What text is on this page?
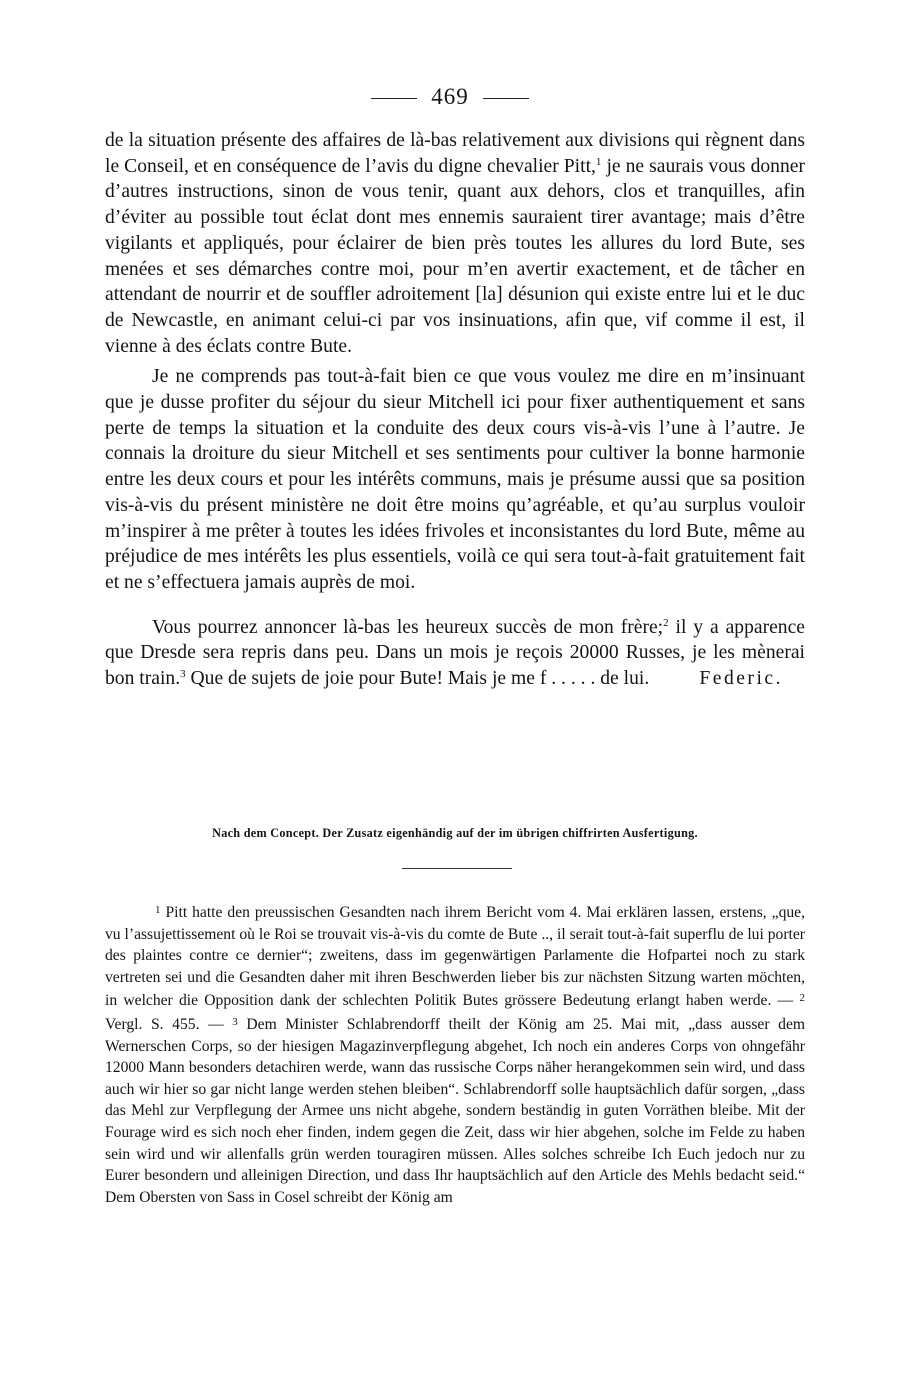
469

de la situation présente des affaires de là-bas relativement aux divisions qui règnent dans le Conseil, et en conséquence de l’avis du digne chevalier Pitt,$^1$ je ne saurais vous donner d’autres instructions, sinon de vous tenir, quant aux dehors, clos et tranquilles, afin d’éviter au possible tout éclat dont mes ennemis sauraient tirer avantage; mais d’être vigilants et appliqués, pour éclairer de bien près toutes les allures du lord Bute, ses menées et ses démarches contre moi, pour m’en avertir exactement, et de tâcher en attendant de nourrir et de souffler adroitement [la] désunion qui existe entre lui et le duc de Newcastle, en animant celui-ci par vos insinuations, afin que, vif comme il est, il vienne à des éclats contre Bute.

Je ne comprends pas tout-à-fait bien ce que vous voulez me dire en m’insinuant que je dusse profiter du séjour du sieur Mitchell ici pour fixer authentiquement et sans perte de temps la situation et la conduite des deux cours vis-à-vis l’une à l’autre. Je connais la droiture du sieur Mitchell et ses sentiments pour cultiver la bonne harmonie entre les deux cours et pour les intérêts communs, mais je présume aussi que sa position vis-à-vis du présent ministère ne doit être moins qu’agréable, et qu’au surplus vouloir m’inspirer à me prêter à toutes les idées frivoles et inconsistantes du lord Bute, même au préjudice de mes intérêts les plus essentiels, voilà ce qui sera tout-à-fait gratuitement fait et ne s’effectuera jamais auprès de moi.

Vous pourrez annoncer là-bas les heureux succès de mon frère;$^2$ il y a apparence que Dresde sera repris dans peu. Dans un mois je reçois 20000 Russes, je les mènerai bon train.$^3$ Que de sujets de joie pour Bute! Mais je me f . . . . . de lui.	Federic.

Nach dem Concept. Der Zusatz eigenhändig auf der im übrigen chiffrirten Ausfertigung.

$^1$ Pitt hatte den preussischen Gesandten nach ihrem Bericht vom 4. Mai erklären lassen, erstens, „que, vu l’assujettissement où le Roi se trouvait vis-à-vis du comte de Bute .., il serait tout-à-fait superflu de lui porter des plaintes contre ce dernier“; zweitens, dass im gegenwärtigen Parlamente die Hofpartei noch zu stark vertreten sei und die Gesandten daher mit ihren Beschwerden lieber bis zur nächsten Sitzung warten möchten, in welcher die Opposition dank der schlechten Politik Butes grössere Bedeutung erlangt haben werde. — $^2$ Vergl. S. 455. — $^3$ Dem Minister Schlabrendorff theilt der König am 25. Mai mit, „dass ausser dem Wernerschen Corps, so der hiesigen Magazinverpflegung abgehet, Ich noch ein anderes Corps von ohngefähr 12000 Mann besonders detachiren werde, wann das russische Corps näher herangekommen sein wird, und dass auch wir hier so gar nicht lange werden stehen bleiben“. Schlabrendorff solle hauptsächlich dafür sorgen, „dass das Mehl zur Verpflegung der Armee uns nicht abgehe, sondern beständig in guten Vorräthen bleibe. Mit der Fourage wird es sich noch eher finden, indem gegen die Zeit, dass wir hier abgehen, solche im Felde zu haben sein wird und wir allenfalls grün werden touragiren müssen. Alles solches schreibe Ich Euch jedoch nur zu Eurer besondern und alleinigen Direction, und dass Ihr hauptsächlich auf den Article des Mehls bedacht seid.“ Dem Obersten von Sass in Cosel schreibt der König am
